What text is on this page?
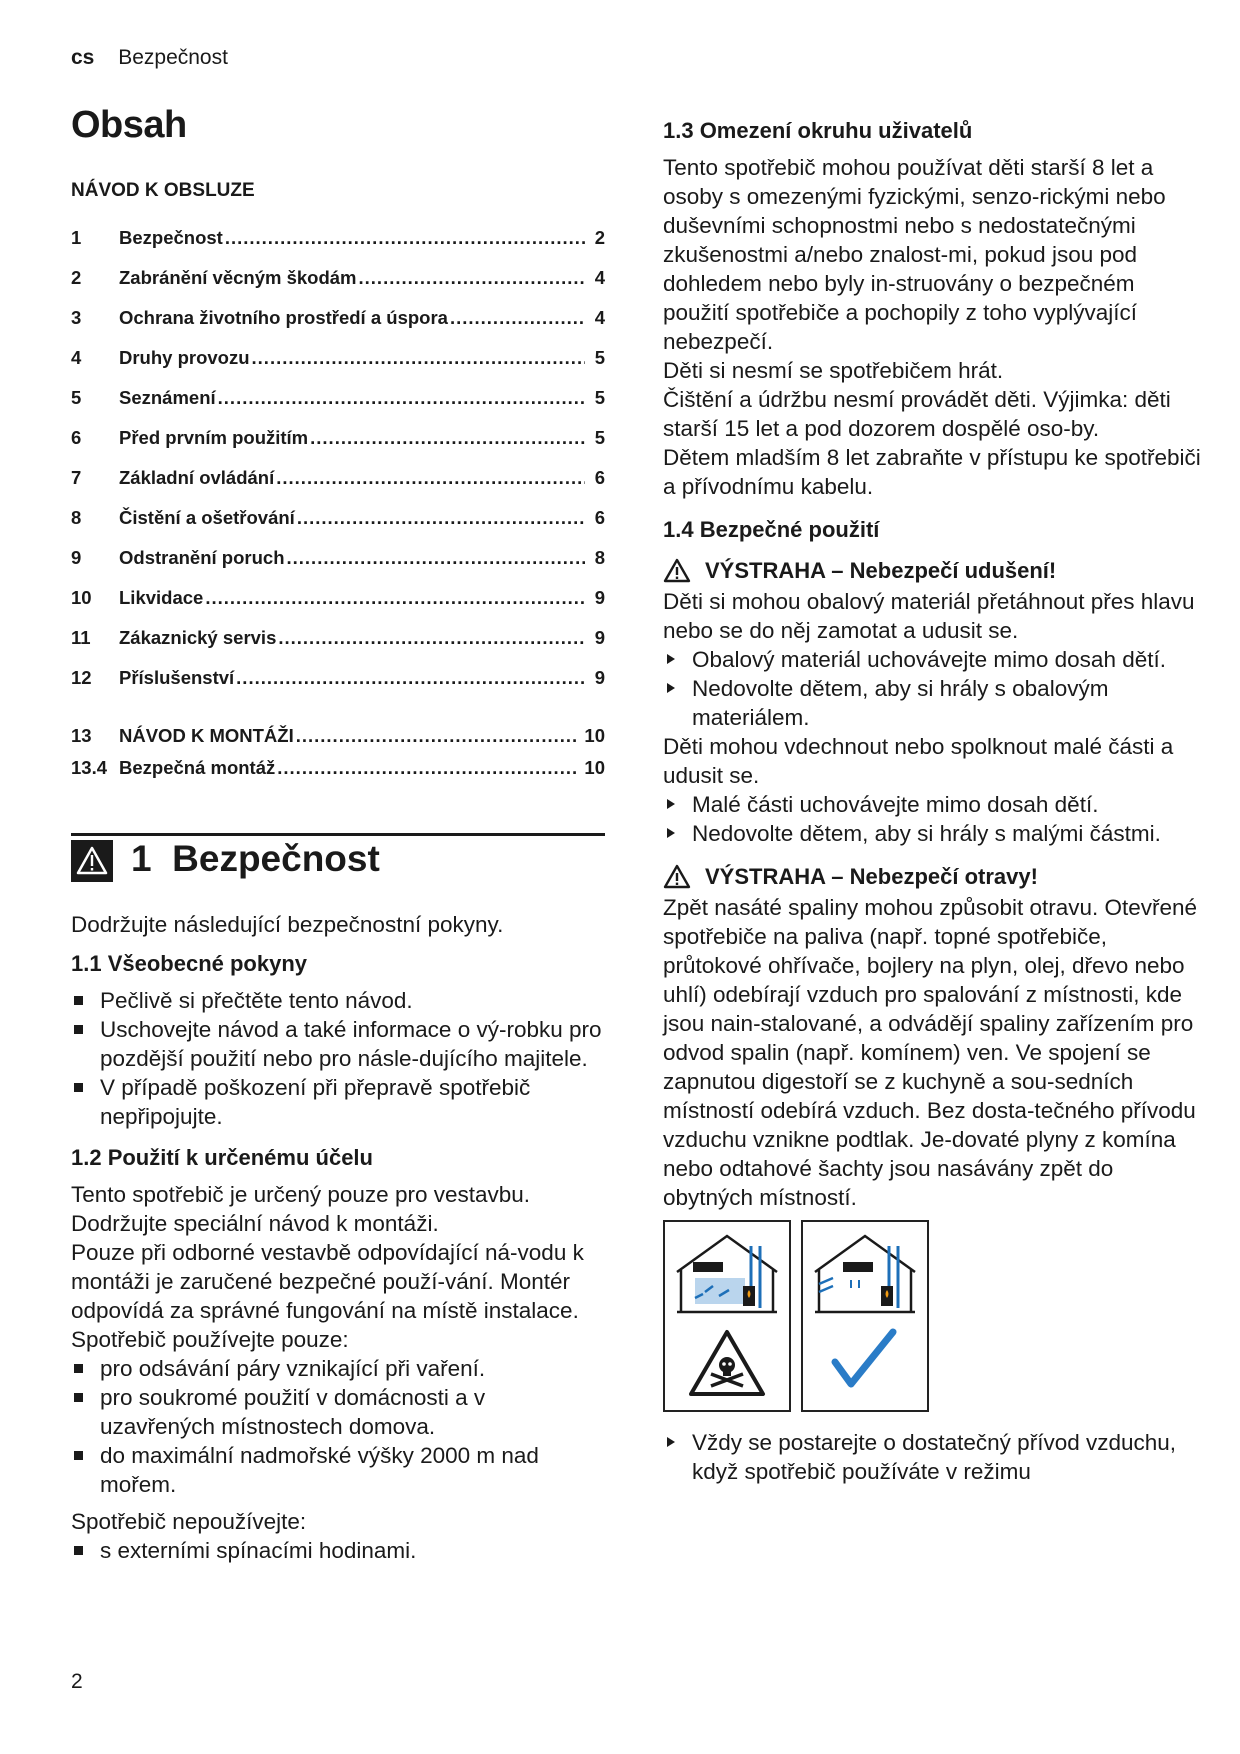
cs Bezpečnost
Obsah
NÁVOD K OBSLUZE
1	Bezpečnost .....	2
2	Zabránění věcným škodám .....	4
3	Ochrana životního prostředí a úspora .....	4
4	Druhy provozu .....	5
5	Seznámení .....	5
6	Před prvním použitím .....	5
7	Základní ovládání .....	6
8	Čistění a ošetřování .....	6
9	Odstranění poruch .....	8
10	Likvidace .....	9
11	Zákaznický servis .....	9
12	Příslušenství .....	9
13	NÁVOD K MONTÁŽI .....	10
13.4 Bezpečná montáž .....	10
1 Bezpečnost

Dodržujte následující bezpečnostní pokyny.

1.1 Všeobecné pokyny
Pečlivě si přečtěte tento návod.
Uschovejte návod a také informace o vý-robku pro pozdější použití nebo pro násle-dujícího majitele.
V případě poškození při přepravě spotřebič nepřipojujte.
1.2 Použití k určenému účelu

Tento spotřebič je určený pouze pro vestavbu. Dodržujte speciální návod k montáži.

Pouze při odborné vestavbě odpovídající ná-vodu k montáži je zaručené bezpečné použí-vání. Montér odpovídá za správné fungování na místě instalace.

Spotřebič používejte pouze:

pro odsávání páry vznikající při vaření.
pro soukromé použití v domácnosti a v uzavřených místnostech domova.
do maximální nadmořské výšky 2000 m nad mořem.

Spotřebič nepoužívejte:

s externími spínacími hodinami.
1.3 Omezení okruhu uživatelů

Tento spotřebič mohou používat děti starší 8 let a osoby s omezenými fyzickými, senzo-rickými nebo duševními schopnostmi nebo s nedostatečnými zkušenostmi a/nebo znalost-mi, pokud jsou pod dohledem nebo byly in-struovány o bezpečném použití spotřebiče a pochopily z toho vyplývající nebezpečí.

Děti si nesmí se spotřebičem hrát.

Čištění a údržbu nesmí provádět děti. Výjimka: děti starší 15 let a pod dozorem dospělé oso-by.

Dětem mladším 8 let zabraňte v přístupu ke spotřebiči a přívodnímu kabelu.

1.4 Bezpečné použití
VÝSTRAHA – Nebezpečí udušení!

Děti si mohou obalový materiál přetáhnout přes hlavu nebo se do něj zamotat a udusit se.

Obalový materiál uchovávejte mimo dosah dětí.
Nedovolte dětem, aby si hrály s obalovým materiálem.

Děti mohou vdechnout nebo spolknout malé části a udusit se.

Malé části uchovávejte mimo dosah dětí.
Nedovolte dětem, aby si hrály s malými částmi.
VÝSTRAHA – Nebezpečí otravy!

Zpět nasáté spaliny mohou způsobit otravu. Otevřené spotřebiče na paliva (např. topné spotřebiče, průtokové ohřívače, bojlery na plyn, olej, dřevo nebo uhlí) odebírají vzduch pro spalování z místnosti, kde jsou nain-stalované, a odvádějí spaliny zařízením pro odvod spalin (např. komínem) ven. Ve spojení se zapnutou digestoří se z kuchyně a sou-sedních místností odebírá vzduch. Bez dosta-tečného přívodu vzduchu vznikne podtlak. Je-dovaté plyny z komína nebo odtahové šachty jsou nasávány zpět do obytných místností.

Vždy se postarejte o dostatečný přívod vzduchu, když spotřebič používáte v režimu
2
